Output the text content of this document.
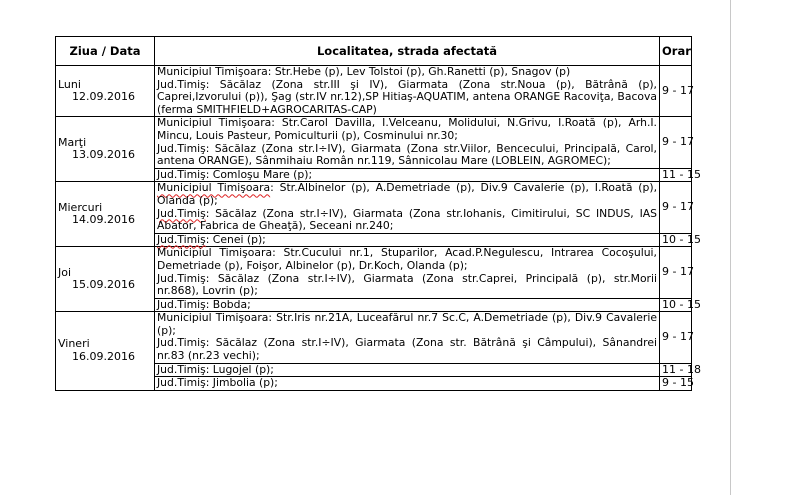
Ziua / Data	Localitatea, strada afectată	Orar

Luni
12.09.2016	Municipiul Timişoara: Str.Hebe (p), Lev Tolstoi (p), Gh.Ranetti (p), Snagov (p)
Jud.Timiş: Săcălaz (Zona str.III şi IV), Giarmata (Zona str.Noua (p), Bătrână (p), Caprei,Izvorului (p)), Şag (str.IV nr.12),SP Hitiaş-AQUATIM, antena ORANGE Racoviţa, Bacova (ferma SMITHFIELD+AGROCARITAS-CAP)	9 - 17

Marţi
13.09.2016	Municipiul Timişoara: Str.Carol Davilla, I.Velceanu, Molidului, N.Grivu, I.Roată (p), Arh.I. Mincu, Louis Pasteur, Pomiculturii (p), Cosminului nr.30;
Jud.Timiş: Săcălaz (Zona str.I÷IV), Giarmata (Zona str.Viilor, Bencecului, Principală, Carol, antena ORANGE), Sânmihaiu Român nr.119, Sânnicolau Mare (LOBLEIN, AGROMEC);	9 - 17

	Jud.Timiş: Comloşu Mare (p);	11 - 15

Miercuri
14.09.2016	Municipiul Timişoara: Str.Albinelor (p), A.Demetriade (p), Div.9 Cavalerie (p), I.Roată (p), Olanda (p);
Jud.Timiş: Săcălaz (Zona str.I÷IV), Giarmata (Zona str.Iohanis, Cimitirului, SC INDUS, IAS Abator, Fabrica de Gheaţă), Seceani nr.240;	9 - 17

	Jud.Timiş: Cenei (p);	10 - 15

Joi
15.09.2016	Municipiul Timişoara: Str.Cucului nr.1, Stuparilor, Acad.P.Negulescu, Intrarea Cocoşului, Demetriade (p), Foişor, Albinelor (p), Dr.Koch, Olanda (p);
Jud.Timiş: Săcălaz (Zona str.I÷IV), Giarmata (Zona str.Caprei, Principală (p), str.Morii nr.868), Lovrin (p);	9 - 17

	Jud.Timiş: Bobda;	10 - 15

Vineri
16.09.2016	Municipiul Timişoara: Str.Iris nr.21A, Luceafărul nr.7 Sc.C, A.Demetriade (p), Div.9 Cavalerie (p);
Jud.Timiş: Săcălaz (Zona str.I÷IV), Giarmata (Zona str. Bătrână şi Câmpului), Sânandrei nr.83 (nr.23 vechi);	9 - 17

	Jud.Timiş: Lugojel (p);	11 - 18

	Jud.Timiş: Jimbolia (p);	9 - 15
